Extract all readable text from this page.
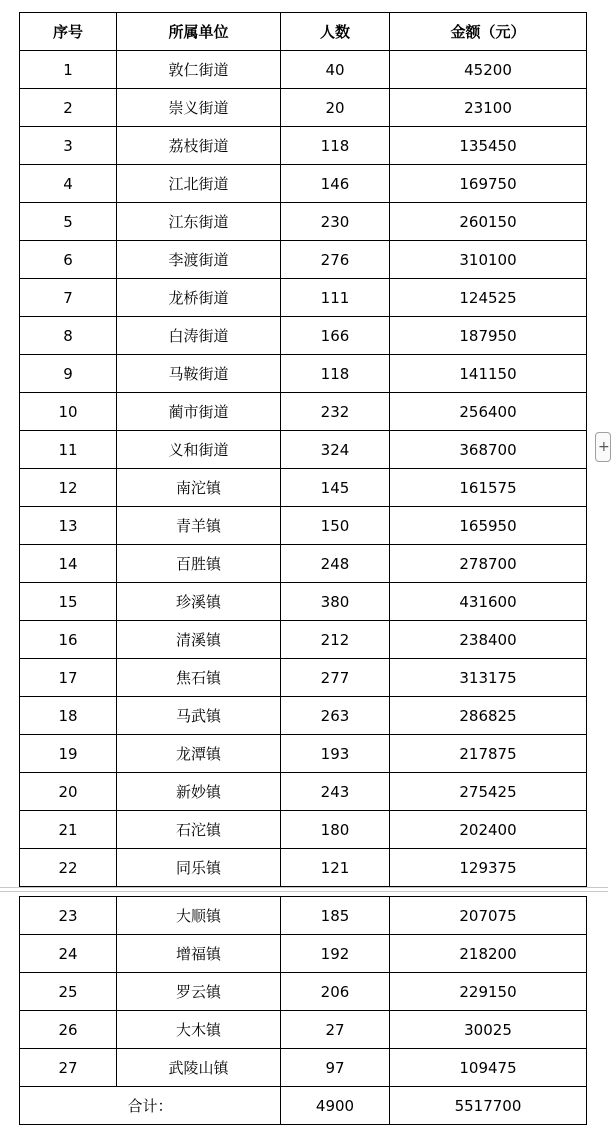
序号	所属单位	人数	金额（元）
1	敦仁街道	40	45200
2	崇义街道	20	23100
3	荔枝街道	118	135450
4	江北街道	146	169750
5	江东街道	230	260150
6	李渡街道	276	310100
7	龙桥街道	111	124525
8	白涛街道	166	187950
9	马鞍街道	118	141150
10	蔺市街道	232	256400
11	义和街道	324	368700
12	南沱镇	145	161575
13	青羊镇	150	165950
14	百胜镇	248	278700
15	珍溪镇	380	431600
16	清溪镇	212	238400
17	焦石镇	277	313175
18	马武镇	263	286825
19	龙潭镇	193	217875
20	新妙镇	243	275425
21	石沱镇	180	202400
22	同乐镇	121	129375
23	大顺镇	185	207075
24	增福镇	192	218200
25	罗云镇	206	229150
26	大木镇	27	30025
27	武陵山镇	97	109475
合计：		4900	5517700
+
